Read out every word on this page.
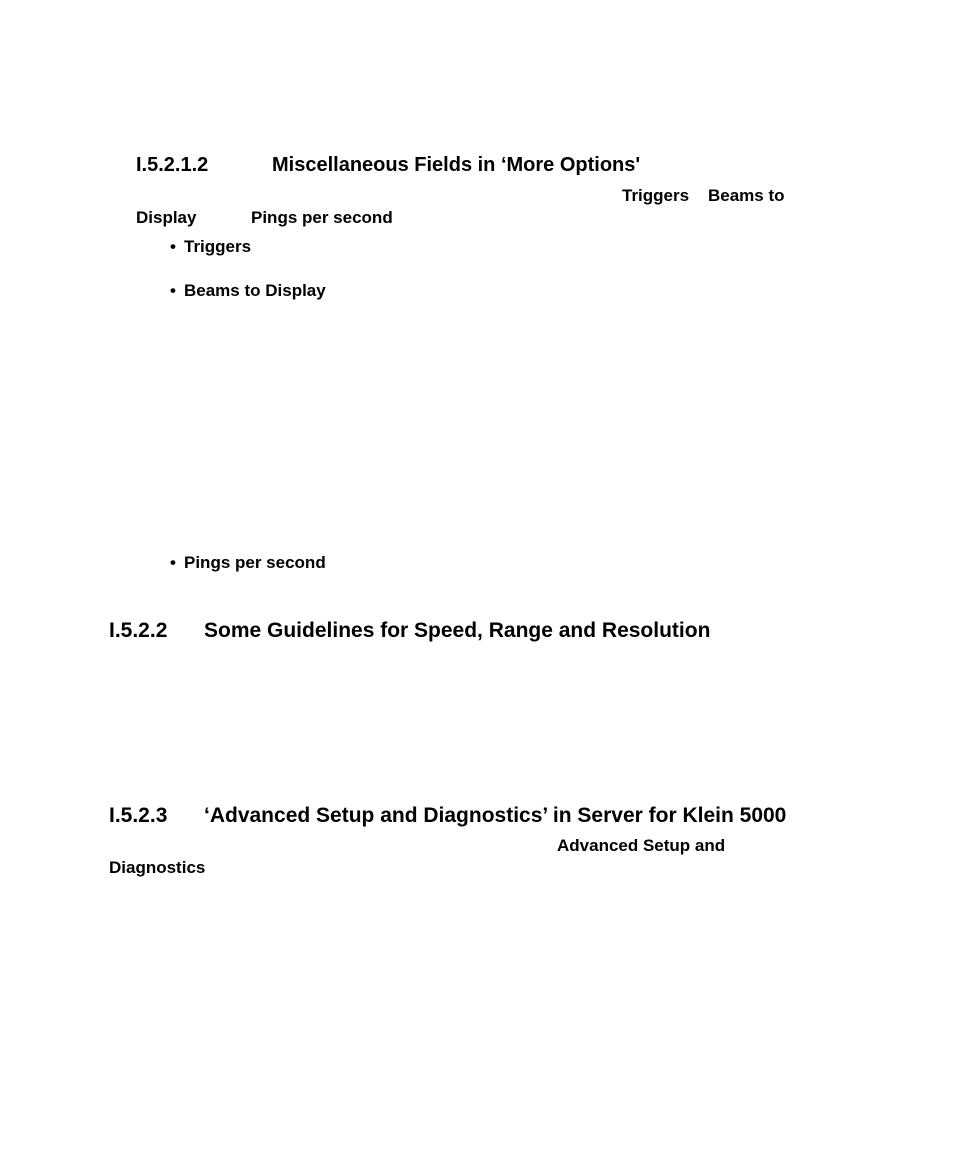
I.5.2.1.2	Miscellaneous Fields in ‘More Options'
Triggers Beams to
Display	Pings per second
• Triggers
• Beams to Display
• Pings per second
I.5.2.2 Some Guidelines for Speed, Range and Resolution
I.5.2.3 ‘Advanced Setup and Diagnostics’ in Server for Klein 5000
Advanced Setup and
Diagnostics
